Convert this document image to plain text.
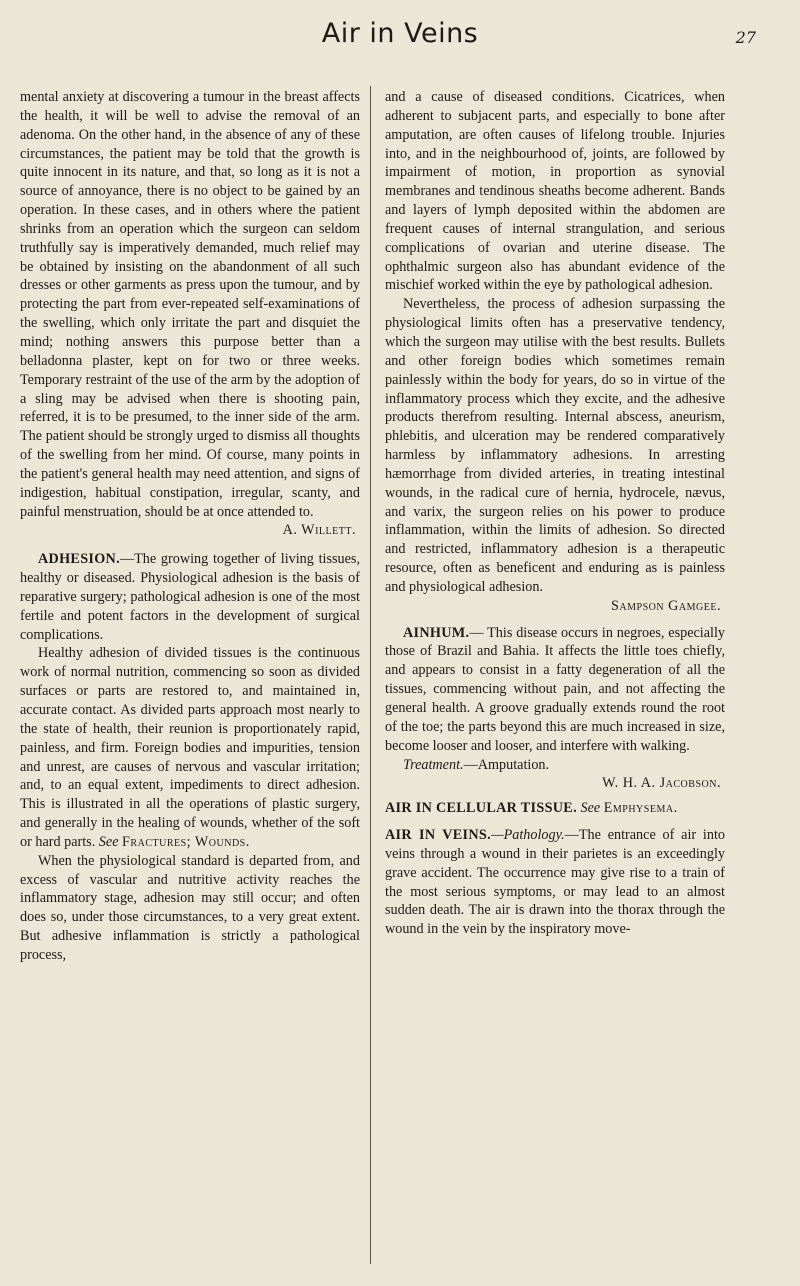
Air in Veins	27

mental anxiety at discovering a tumour in the breast affects the health, it will be well to advise the removal of an adenoma. On the other hand, in the absence of any of these circumstances, the patient may be told that the growth is quite innocent in its nature, and that, so long as it is not a source of annoyance, there is no object to be gained by an operation. In these cases, and in others where the patient shrinks from an operation which the surgeon can seldom truthfully say is imperatively demanded, much relief may be obtained by insisting on the abandonment of all such dresses or other garments as press upon the tumour, and by protecting the part from ever-repeated self-examinations of the swelling, which only irritate the part and disquiet the mind; nothing answers this purpose better than a belladonna plaster, kept on for two or three weeks. Temporary restraint of the use of the arm by the adoption of a sling may be advised when there is shooting pain, referred, it is to be presumed, to the inner side of the arm. The patient should be strongly urged to dismiss all thoughts of the swelling from her mind. Of course, many points in the patient's general health may need attention, and signs of indigestion, habitual constipation, irregular, scanty, and painful menstruation, should be at once attended to.

A. Willett.

ADHESION.—The growing together of living tissues, healthy or diseased. Physiological adhesion is the basis of reparative surgery; pathological adhesion is one of the most fertile and potent factors in the development of surgical complications.

Healthy adhesion of divided tissues is the continuous work of normal nutrition, commencing so soon as divided surfaces or parts are restored to, and maintained in, accurate contact. As divided parts approach most nearly to the state of health, their reunion is proportionately rapid, painless, and firm. Foreign bodies and impurities, tension and unrest, are causes of nervous and vascular irritation; and, to an equal extent, impediments to direct adhesion. This is illustrated in all the operations of plastic surgery, and generally in the healing of wounds, whether of the soft or hard parts. See Fractures; Wounds.

When the physiological standard is departed from, and excess of vascular and nutritive activity reaches the inflammatory stage, adhesion may still occur; and often does so, under those circumstances, to a very great extent. But adhesive inflammation is strictly a pathological process,

and a cause of diseased conditions. Cicatrices, when adherent to subjacent parts, and especially to bone after amputation, are often causes of lifelong trouble. Injuries into, and in the neighbourhood of, joints, are followed by impairment of motion, in proportion as synovial membranes and tendinous sheaths become adherent. Bands and layers of lymph deposited within the abdomen are frequent causes of internal strangulation, and serious complications of ovarian and uterine disease. The ophthalmic surgeon also has abundant evidence of the mischief worked within the eye by pathological adhesion.

Nevertheless, the process of adhesion surpassing the physiological limits often has a preservative tendency, which the surgeon may utilise with the best results. Bullets and other foreign bodies which sometimes remain painlessly within the body for years, do so in virtue of the inflammatory process which they excite, and the adhesive products therefrom resulting. Internal abscess, aneurism, phlebitis, and ulceration may be rendered comparatively harmless by inflammatory adhesions. In arresting hæmorrhage from divided arteries, in treating intestinal wounds, in the radical cure of hernia, hydrocele, nævus, and varix, the surgeon relies on his power to produce inflammation, within the limits of adhesion. So directed and restricted, inflammatory adhesion is a therapeutic resource, often as beneficent and enduring as is painless and physiological adhesion.

Sampson Gamgee.

AINHUM.— This disease occurs in negroes, especially those of Brazil and Bahia. It affects the little toes chiefly, and appears to consist in a fatty degeneration of all the tissues, commencing without pain, and not affecting the general health. A groove gradually extends round the root of the toe; the parts beyond this are much increased in size, become looser and looser, and interfere with walking.

Treatment.—Amputation.

W. H. A. Jacobson.

AIR IN CELLULAR TISSUE. See Emphysema.

AIR IN VEINS.—Pathology.—The entrance of air into veins through a wound in their parietes is an exceedingly grave accident. The occurrence may give rise to a train of the most serious symptoms, or may lead to an almost sudden death. The air is drawn into the thorax through the wound in the vein by the inspiratory move-
